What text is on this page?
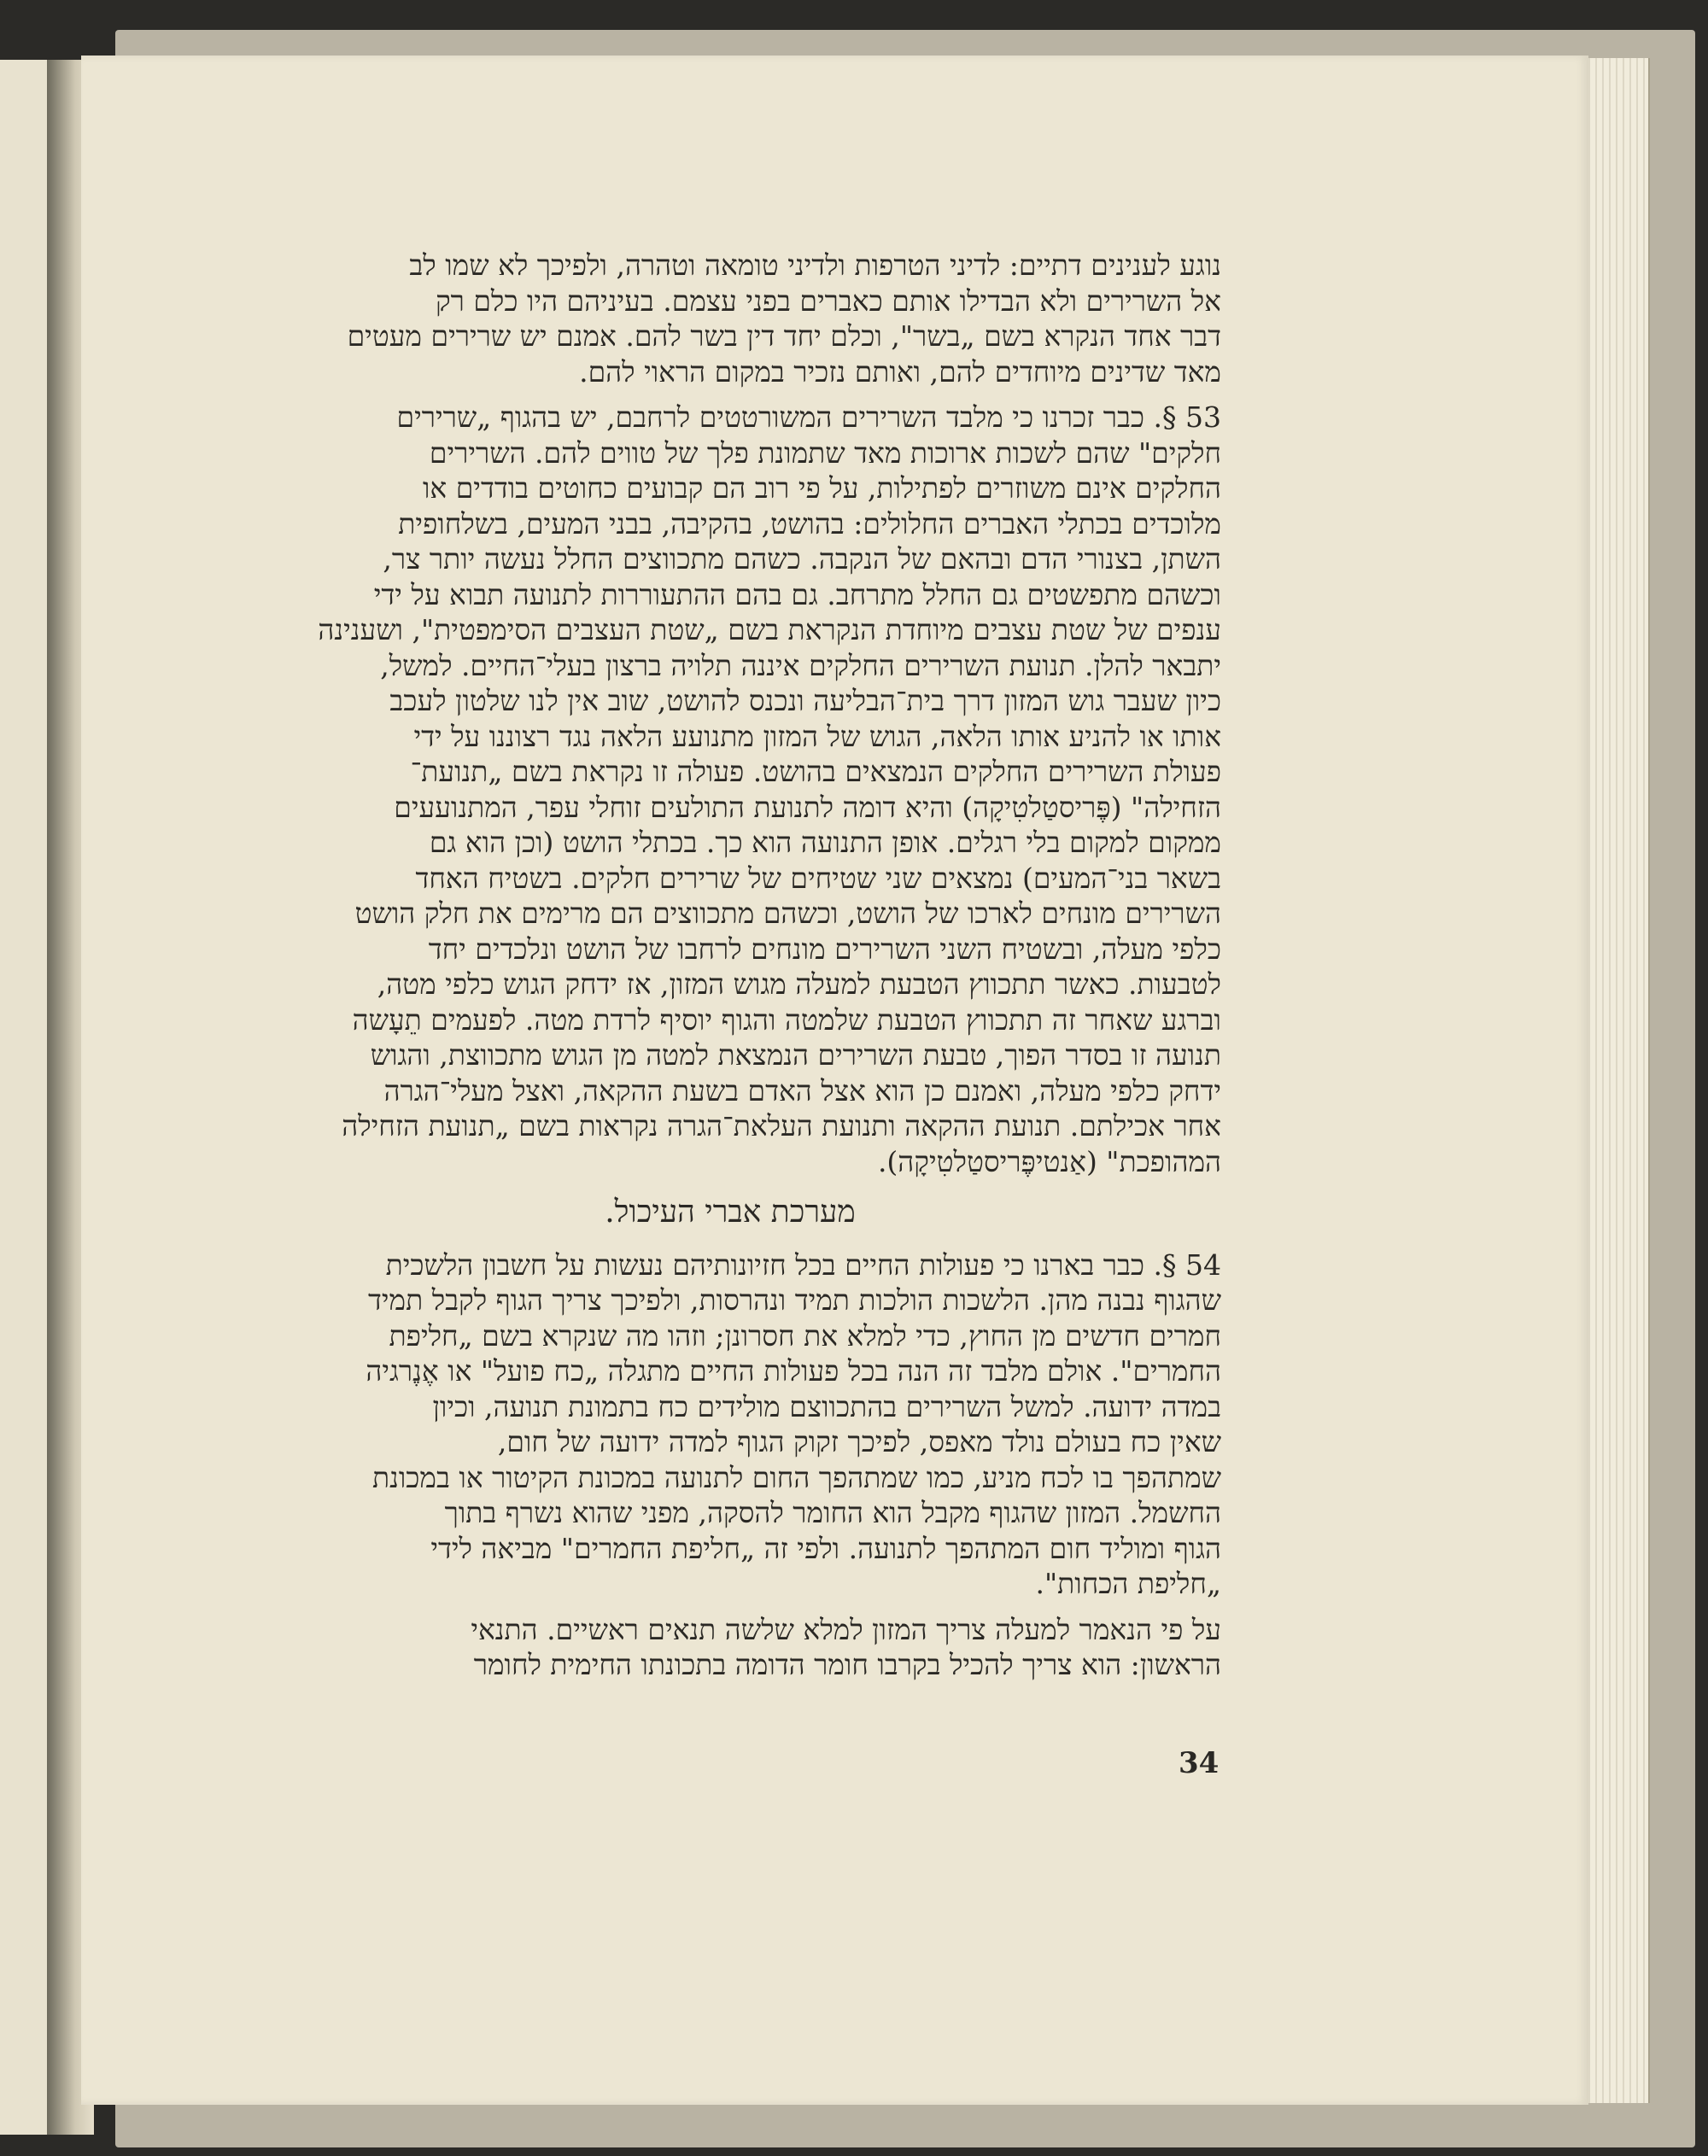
נוגע לענינים דתיים: לדיני הטרפות ולדיני טומאה וטהרה, ולפיכך לא שמו לב
אל השרירים ולא הבדילו אותם כאברים בפני עצמם. בעיניהם היו כלם רק
דבר אחד הנקרא בשם „בשר", וכלם יחד דין בשר להם. אמנם יש שרירים מעטים
מאד שדינים מיוחדים להם, ואותם נזכיר במקום הראוי להם.

53 §. כבר זכרנו כי מלבד השרירים המשורטטים לרחבם, יש בהגוף „שרירים
חלקים" שהם לשכות ארוכות מאד שתמונת פלך של טווים להם. השרירים
החלקים אינם משוזרים לפתילות, על פי רוב הם קבועים כחוטים בודדים או
מלוכדים בכתלי האברים החלולים: בהושט, בהקיבה, בבני המעים, בשלחופית
השתן, בצנורי הדם ובהאם של הנקבה. כשהם מתכווצים החלל נעשה יותר צר,
וכשהם מתפשטים גם החלל מתרחב. גם בהם ההתעוררות לתנועה תבוא על ידי
ענפים של שטת עצבים מיוחדת הנקראת בשם „שטת העצבים הסימפטית", ושענינה
יתבאר להלן. תנועת השרירים החלקים איננה תלויה ברצון בעלי־החיים. למשל,
כיון שעבר גוש המזון דרך בית־הבליעה ונכנס להושט, שוב אין לנו שלטון לעכב
אותו או להניע אותו הלאה, הגוש של המזון מתנועע הלאה נגד רצוננו על ידי
פעולת השרירים החלקים הנמצאים בהושט. פעולה זו נקראת בשם „תנועת־
הזחילה" (פֶּריסטַלטִיקָה) והיא דומה לתנועת התולעים זוחלי עפר, המתנועעים
ממקום למקום בלי רגלים. אופן התנועה הוא כך. בכתלי הושט (וכן הוא גם
בשאר בני־המעים) נמצאים שני שטיחים של שרירים חלקים. בשטיח האחד
השרירים מונחים לארכו של הושט, וכשהם מתכווצים הם מרימים את חלק הושט
כלפי מעלה, ובשטיח השני השרירים מונחים לרחבו של הושט ונלכדים יחד
לטבעות. כאשר תתכווץ הטבעת למעלה מגוש המזון, אז ידחק הגוש כלפי מטה,
וברגע שאחר זה תתכווץ הטבעת שלמטה והגוף יוסיף לרדת מטה. לפעמים תֵעָשה
תנועה זו בסדר הפוך, טבעת השרירים הנמצאת למטה מן הגוש מתכווצת, והגוש
ידחק כלפי מעלה, ואמנם כן הוא אצל האדם בשעת ההקאה, ואצל מעלי־הגרה
אחר אכילתם. תנועת ההקאה ותנועת העלאת־הגרה נקראות בשם „תנועת הזחילה
המהופכת" (אַנטיפֶּריסטַלטִיקָה).

מערכת אברי העיכול.

54 §. כבר בארנו כי פעולות החיים בכל חזיונותיהם נעשות על חשבון הלשכית
שהגוף נבנה מהן. הלשכות הולכות תמיד ונהרסות, ולפיכך צריך הגוף לקבל תמיד
חמרים חדשים מן החוץ, כדי למלא את חסרונן; וזהו מה שנקרא בשם „חליפת
החמרים". אולם מלבד זה הנה בכל פעולות החיים מתגלה „כח פועל" או אֶנֶרגיה
במדה ידועה. למשל השרירים בהתכווצם מולידים כח בתמונת תנועה, וכיון
שאין כח בעולם נולד מאפס, לפיכך זקוק הגוף למדה ידועה של חום,
שמתהפך בו לכח מניע, כמו שמתהפך החום לתנועה במכונת הקיטור או במכונת
החשמל. המזון שהגוף מקבל הוא החומר להסקה, מפני שהוא נשרף בתוך
הגוף ומוליד חום המתהפך לתנועה. ולפי זה „חליפת החמרים" מביאה לידי
„חליפת הכחות".

על פי הנאמר למעלה צריך המזון למלא שלשה תנאים ראשיים. התנאי
הראשון: הוא צריך להכיל בקרבו חומר הדומה בתכונתו החימית לחומר

34
